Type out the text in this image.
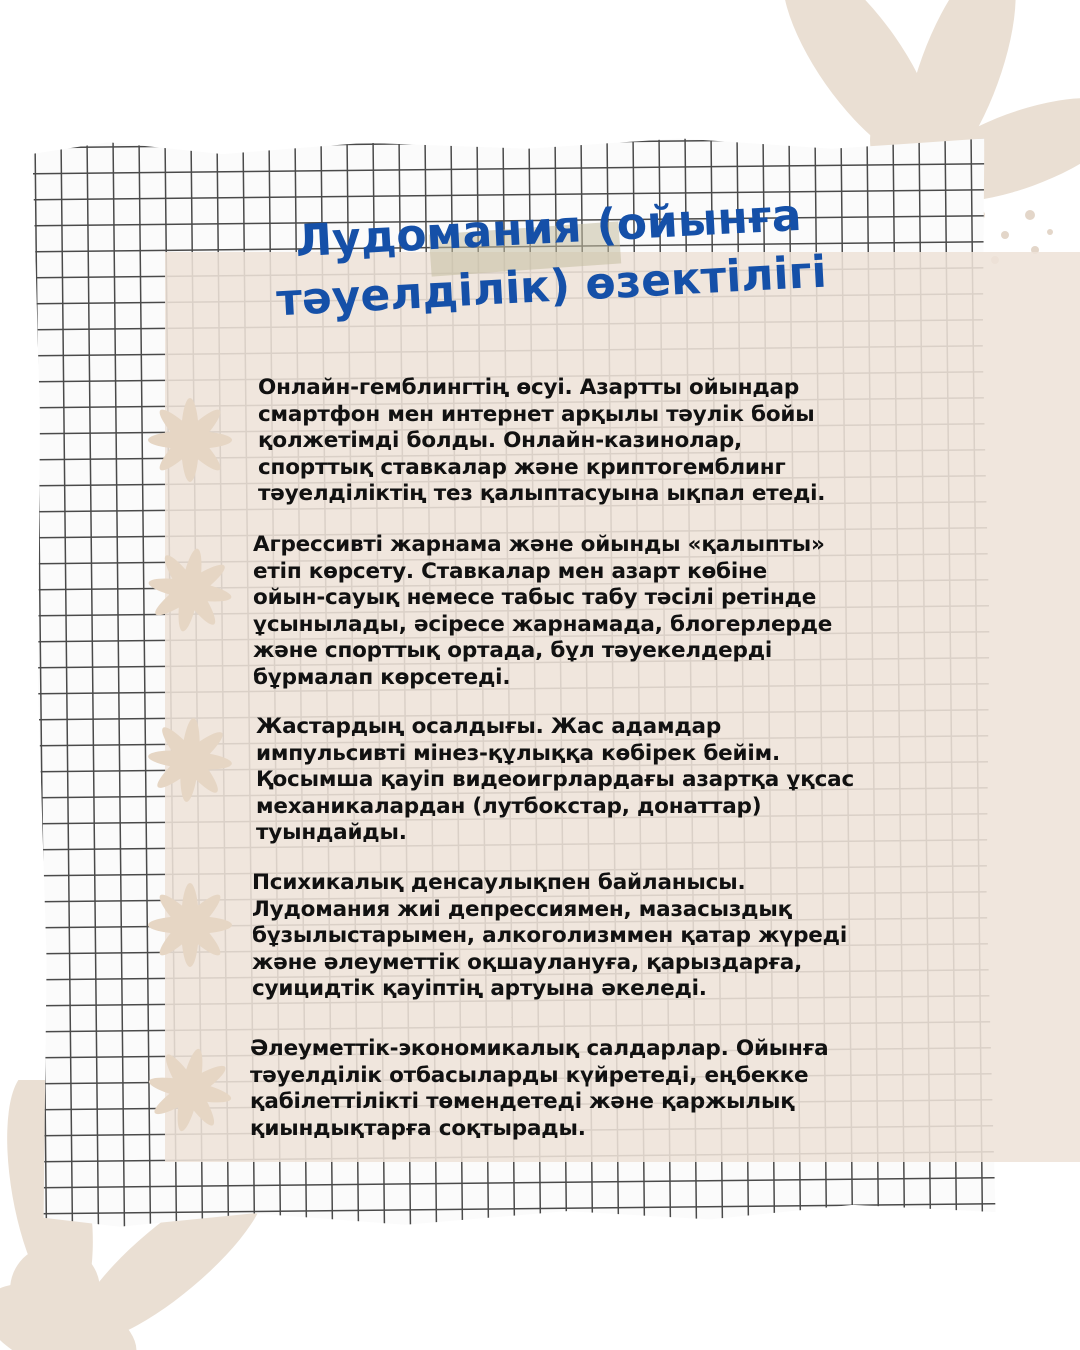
Лудомания (ойынға
тәуелділік) өзектілігі
Онлайн-гемблингтің өсуі. Азартты ойындар
смартфон мен интернет арқылы тәулік бойы
қолжетімді болды. Онлайн-казинолар,
спорттық ставкалар және криптогемблинг
тәуелділіктің тез қалыптасуына ықпал етеді.
Агрессивті жарнама және ойынды «қалыпты»
етіп көрсету. Ставкалар мен азарт көбіне
ойын-сауық немесе табыс табу тәсілі ретінде
ұсынылады, әсіресе жарнамада, блогерлерде
және спорттық ортада, бұл тәуекелдерді
бұрмалап көрсетеді.
Жастардың осалдығы. Жас адамдар
импульсивті мінез-құлыққа көбірек бейім.
Қосымша қауіп видеоигрлардағы азартқа ұқсас
механикалардан (лутбокстар, донаттар)
туындайды.
Психикалық денсаулықпен байланысы.
Лудомания жиі депрессиямен, мазасыздық
бұзылыстарымен, алкоголизммен қатар жүреді
және әлеуметтік оқшаулануға, қарыздарға,
суицидтік қауіптің артуына әкеледі.
Әлеуметтік-экономикалық салдарлар. Ойынға
тәуелділік отбасыларды күйретеді, еңбекке
қабілеттілікті төмендетеді және қаржылық
қиындықтарға соқтырады.
